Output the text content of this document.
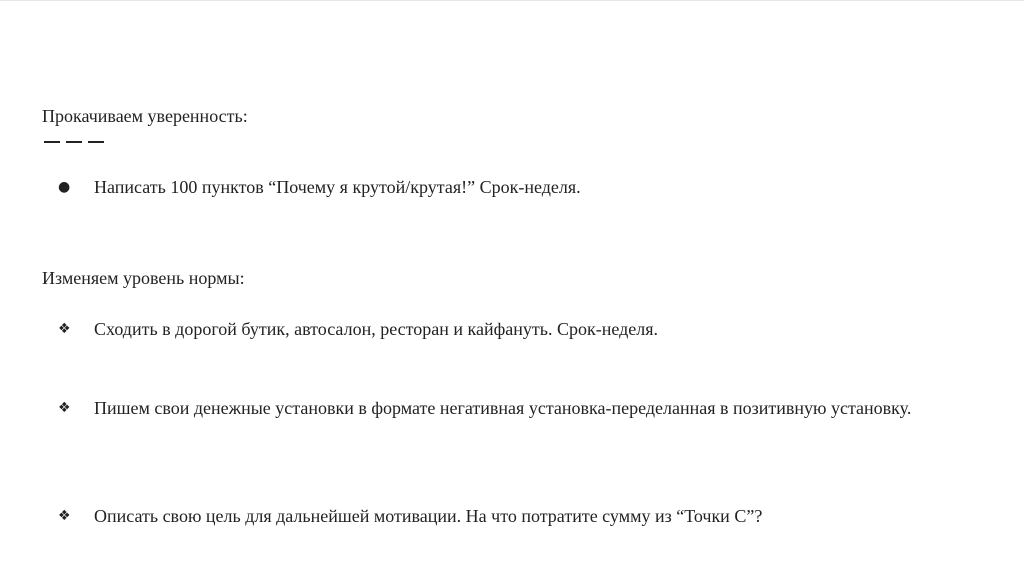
Прокачиваем уверенность:
●	Написать 100 пунктов “Почему я крутой/крутая!” Срок-неделя.
Изменяем уровень нормы:
❖	Сходить в дорогой бутик, автосалон, ресторан и кайфануть. Срок-неделя.
❖	Пишем свои денежные установки в формате негативная установка-переделанная в позитивную установку.
❖	Описать свою цель для дальнейшей мотивации. На что потратите сумму из “Точки С”?
